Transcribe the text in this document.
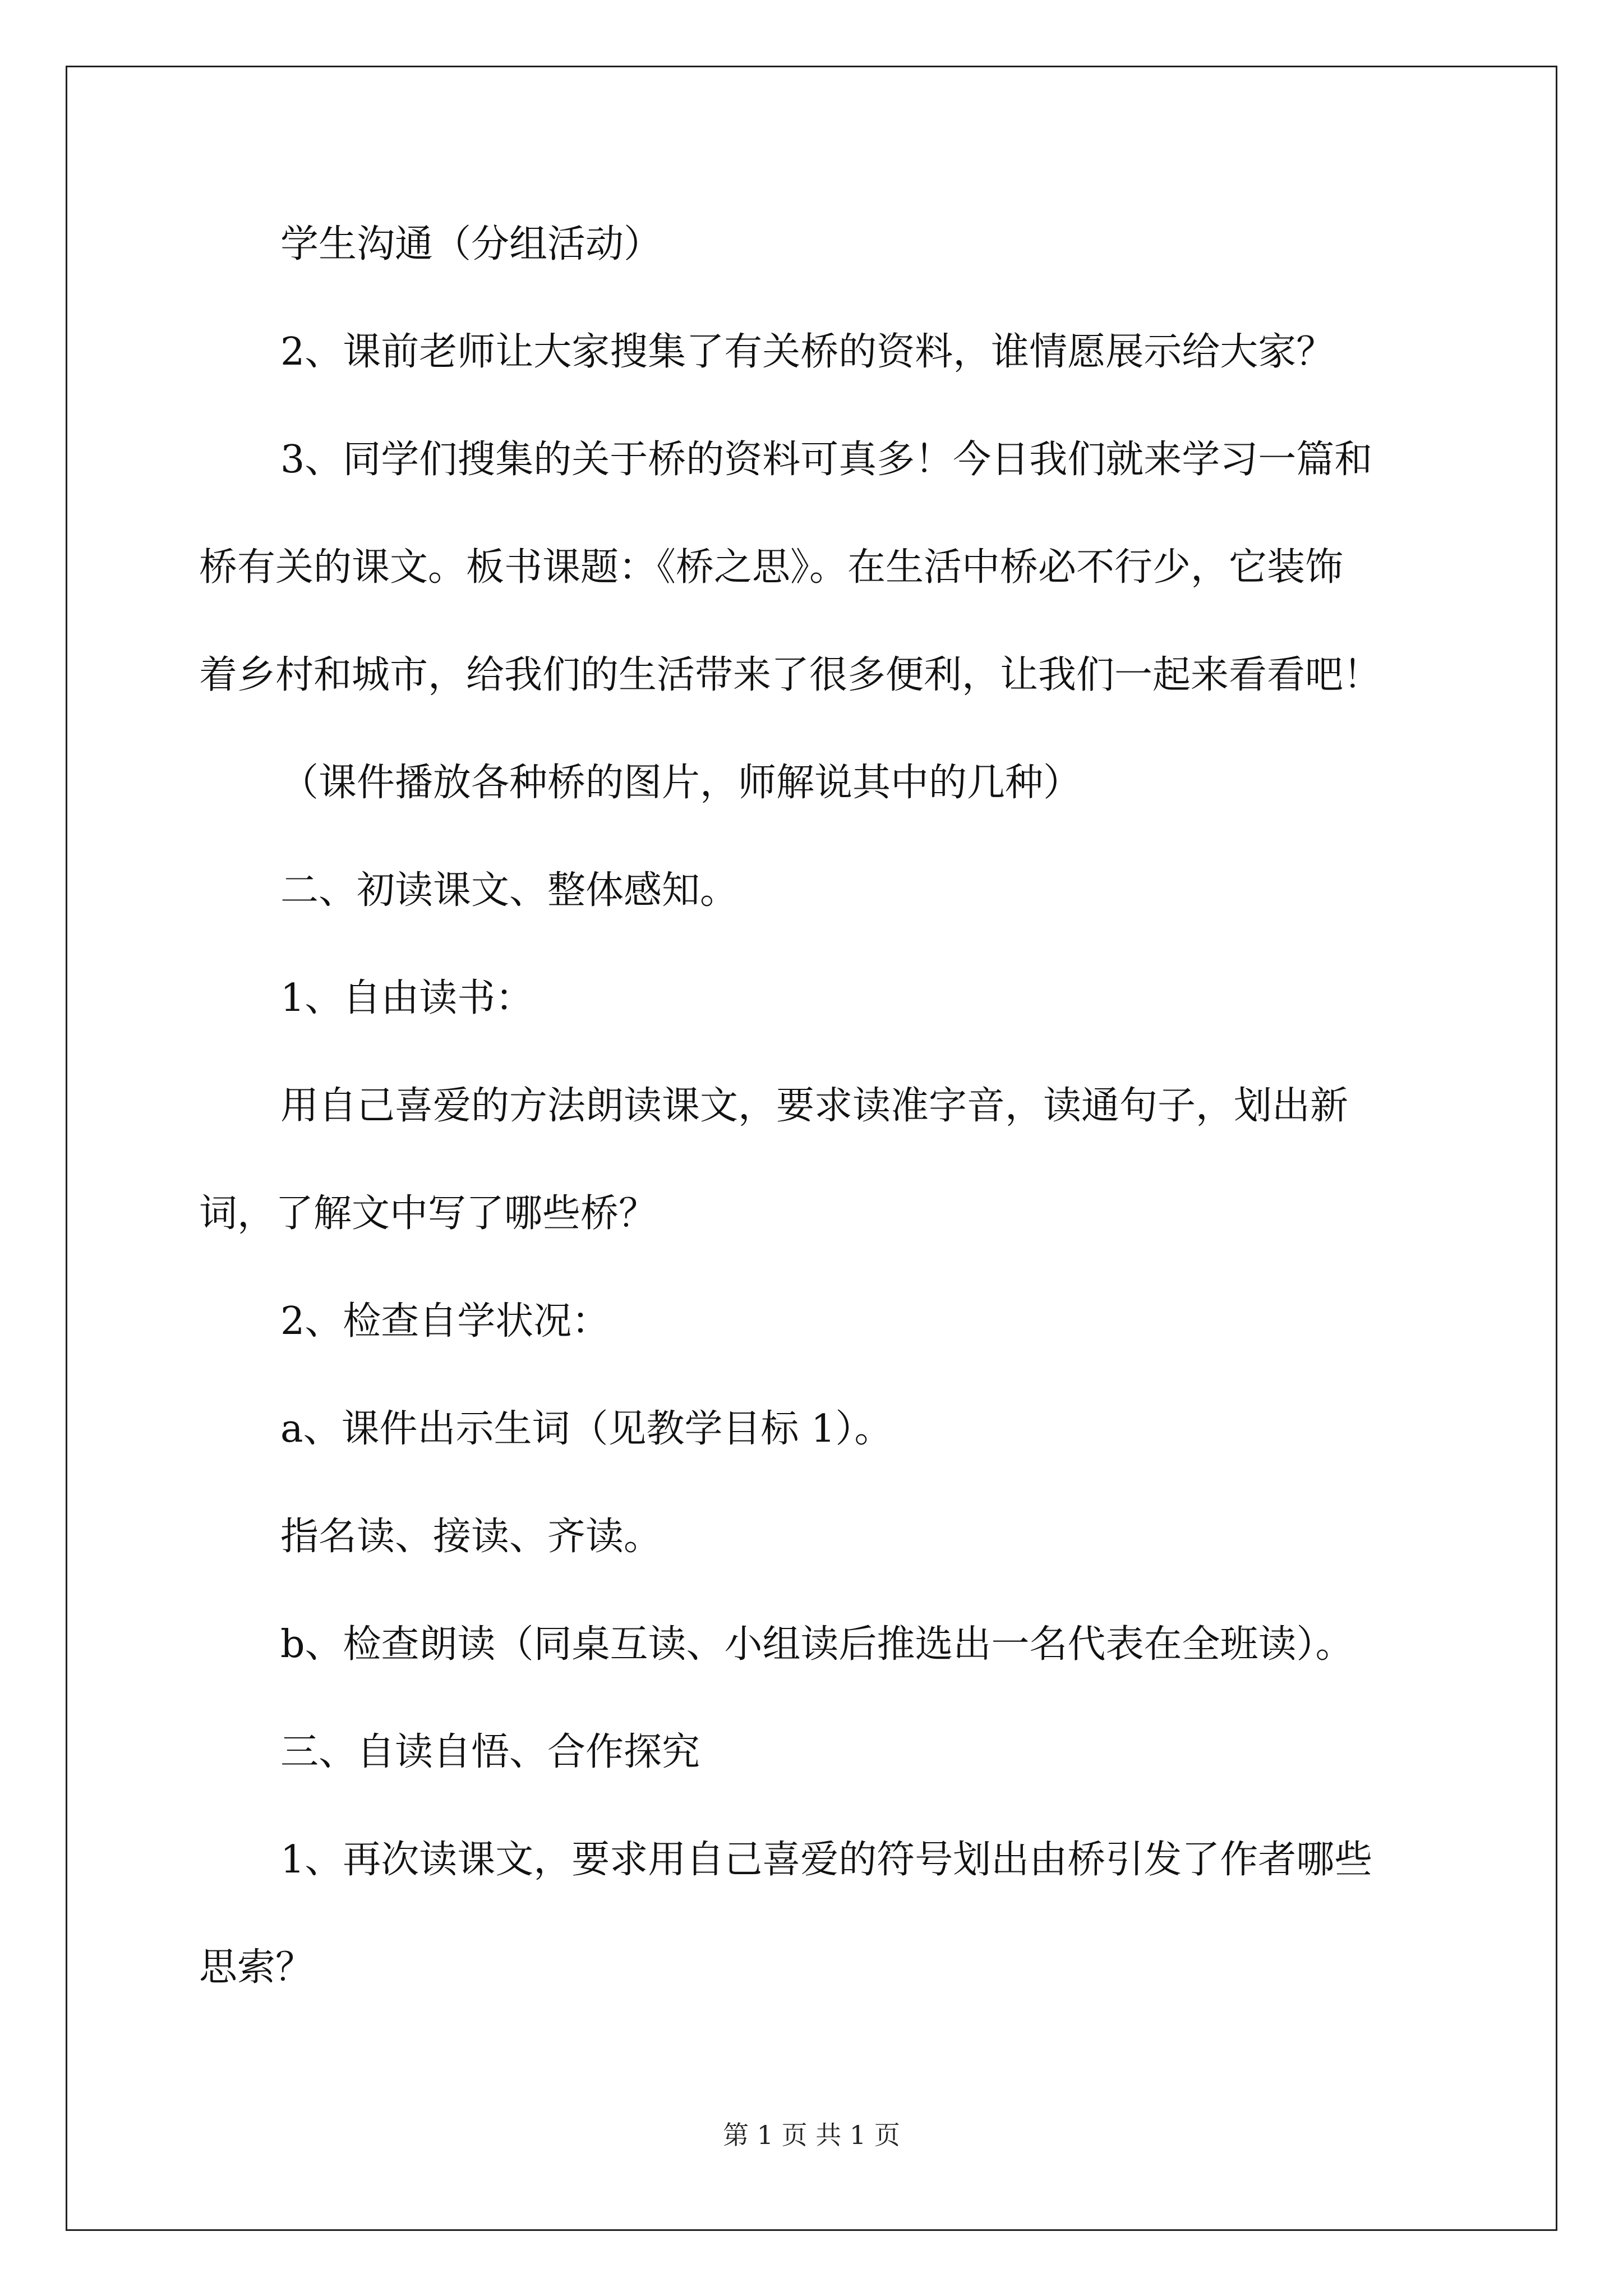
学生沟通（分组活动）

2、课前老师让大家搜集了有关桥的资料，谁情愿展示给大家？

3、同学们搜集的关于桥的资料可真多！今日我们就来学习一篇和

桥有关的课文。板书课题：《桥之思》。在生活中桥必不行少，它装饰

着乡村和城市，给我们的生活带来了很多便利，让我们一起来看看吧！

（课件播放各种桥的图片，师解说其中的几种）

二、初读课文、整体感知。

1、自由读书：

用自己喜爱的方法朗读课文，要求读准字音，读通句子，划出新

词，了解文中写了哪些桥？

2、检查自学状况：

a、课件出示生词（见教学目标 1）。

指名读、接读、齐读。

b、检查朗读（同桌互读、小组读后推选出一名代表在全班读）。

三、自读自悟、合作探究

1、再次读课文，要求用自己喜爱的符号划出由桥引发了作者哪些

思索？

第 1 页 共 1 页
